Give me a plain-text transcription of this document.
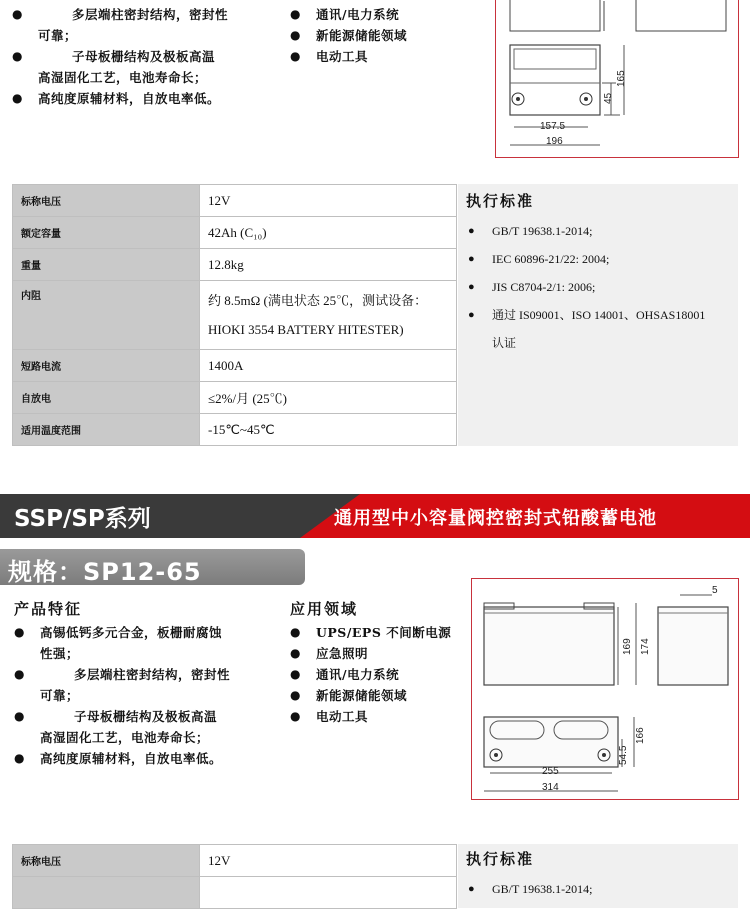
● 多层端柱密封结构，密封性
可靠；
● 子母板栅结构及极板高温
高湿固化工艺，电池寿命长；
● 高纯度原辅材料，自放电率低。
● 通讯/电力系统
● 新能源储能领域
● 电动工具
45
165
157.5
196
标称电压	12V
额定容量	42Ah (C₁₀)
重量	12.8kg
内阻	约 8.5mΩ (满电状态 25℃，测试设备：
HIOKI 3554 BATTERY HITESTER)

短路电流	1400A
自放电	≤2%/月 (25℃)
适用温度范围	-15℃~45℃
执行标准
● GB/T 19638.1-2014;
● IEC 60896-21/22: 2004;
● JIS C8704-2/1: 2006;
● 通过 IS09001、ISO 14001、OHSAS18001
认证
SSP/SP系列	通用型中小容量阀控密封式铅酸蓄电池
规格：SP12-65
产品特征	应用领域
● 高锡低钙多元合金，板栅耐腐蚀
性强；
● 多层端柱密封结构，密封性
可靠；
● 子母板栅结构及极板高温
高湿固化工艺，电池寿命长；
● 高纯度原辅材料，自放电率低。
● UPS/EPS 不间断电源
● 应急照明
● 通讯/电力系统
● 新能源储能领域
● 电动工具
5
169 174
54.5
166
255
314
标称电压	12V
		执行标准
● GB/T 19638.1-2014;
